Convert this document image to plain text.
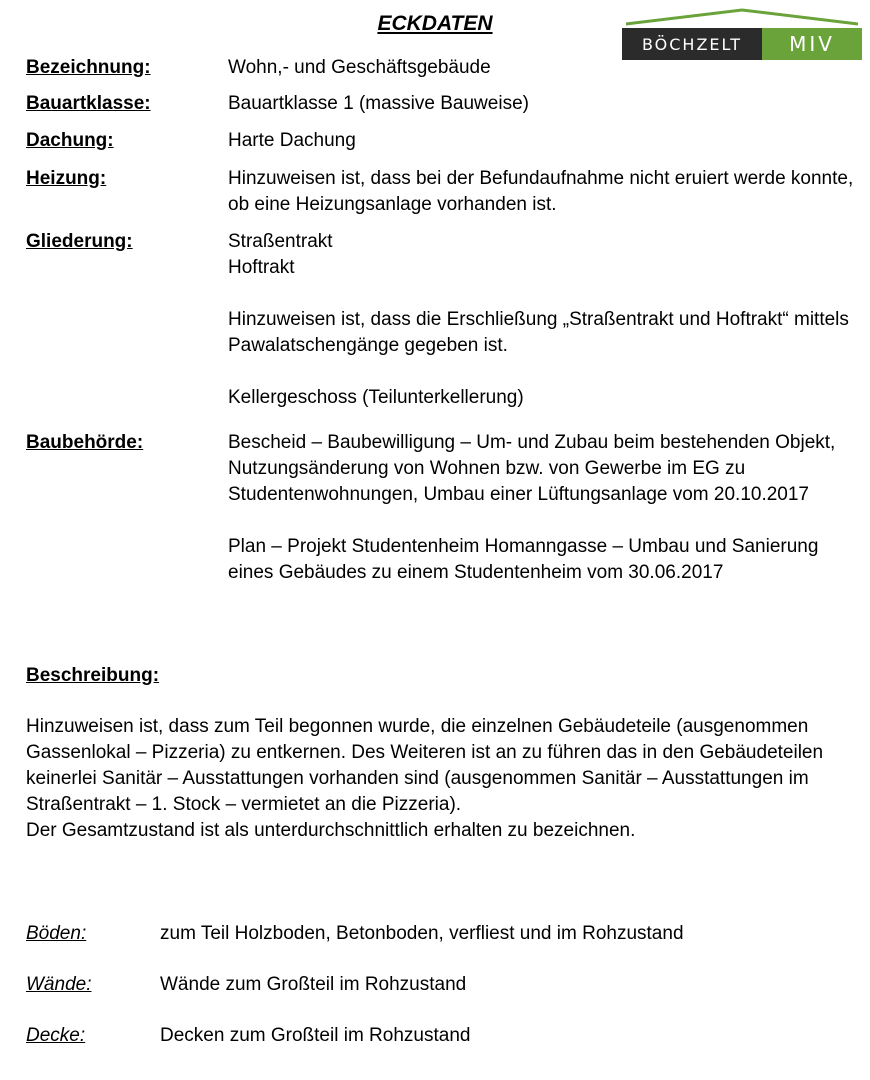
ECKDATEN
BÖCHZELT	MIV
Bezeichnung:	Wohn,- und Geschäftsgebäude

Bauartklasse:	Bauartklasse 1 (massive Bauweise)

Dachung:	Harte Dachung

Heizung:	Hinzuweisen ist, dass bei der Befundaufnahme nicht eruiert werde konnte, ob eine Heizungsanlage vorhanden ist.

Gliederung:	Straßentrakt

Hoftrakt

Hinzuweisen ist, dass die Erschließung „Straßentrakt und Hoftrakt“ mittels Pawalatschengänge gegeben ist.

Kellergeschoss (Teilunterkellerung)

Baubehörde:	Bescheid – Baubewilligung – Um- und Zubau beim bestehenden Objekt, Nutzungsänderung von Wohnen bzw. von Gewerbe im EG zu Studentenwohnungen, Umbau einer Lüftungsanlage vom 20.10.2017

Plan – Projekt Studentenheim Homanngasse – Umbau und Sanierung eines Gebäudes zu einem Studentenheim vom 30.06.2017

Beschreibung:

Hinzuweisen ist, dass zum Teil begonnen wurde, die einzelnen Gebäudeteile (ausgenommen Gassenlokal – Pizzeria) zu entkernen. Des Weiteren ist an zu führen das in den Gebäudeteilen keinerlei Sanitär – Ausstattungen vorhanden sind (ausgenommen Sanitär – Ausstattungen im Straßentrakt – 1. Stock – vermietet an die Pizzeria).

Der Gesamtzustand ist als unterdurchschnittlich erhalten zu bezeichnen.

Böden:	zum Teil Holzboden, Betonboden, verfliest und im Rohzustand
Wände:	Wände zum Großteil im Rohzustand
Decke:	Decken zum Großteil im Rohzustand
